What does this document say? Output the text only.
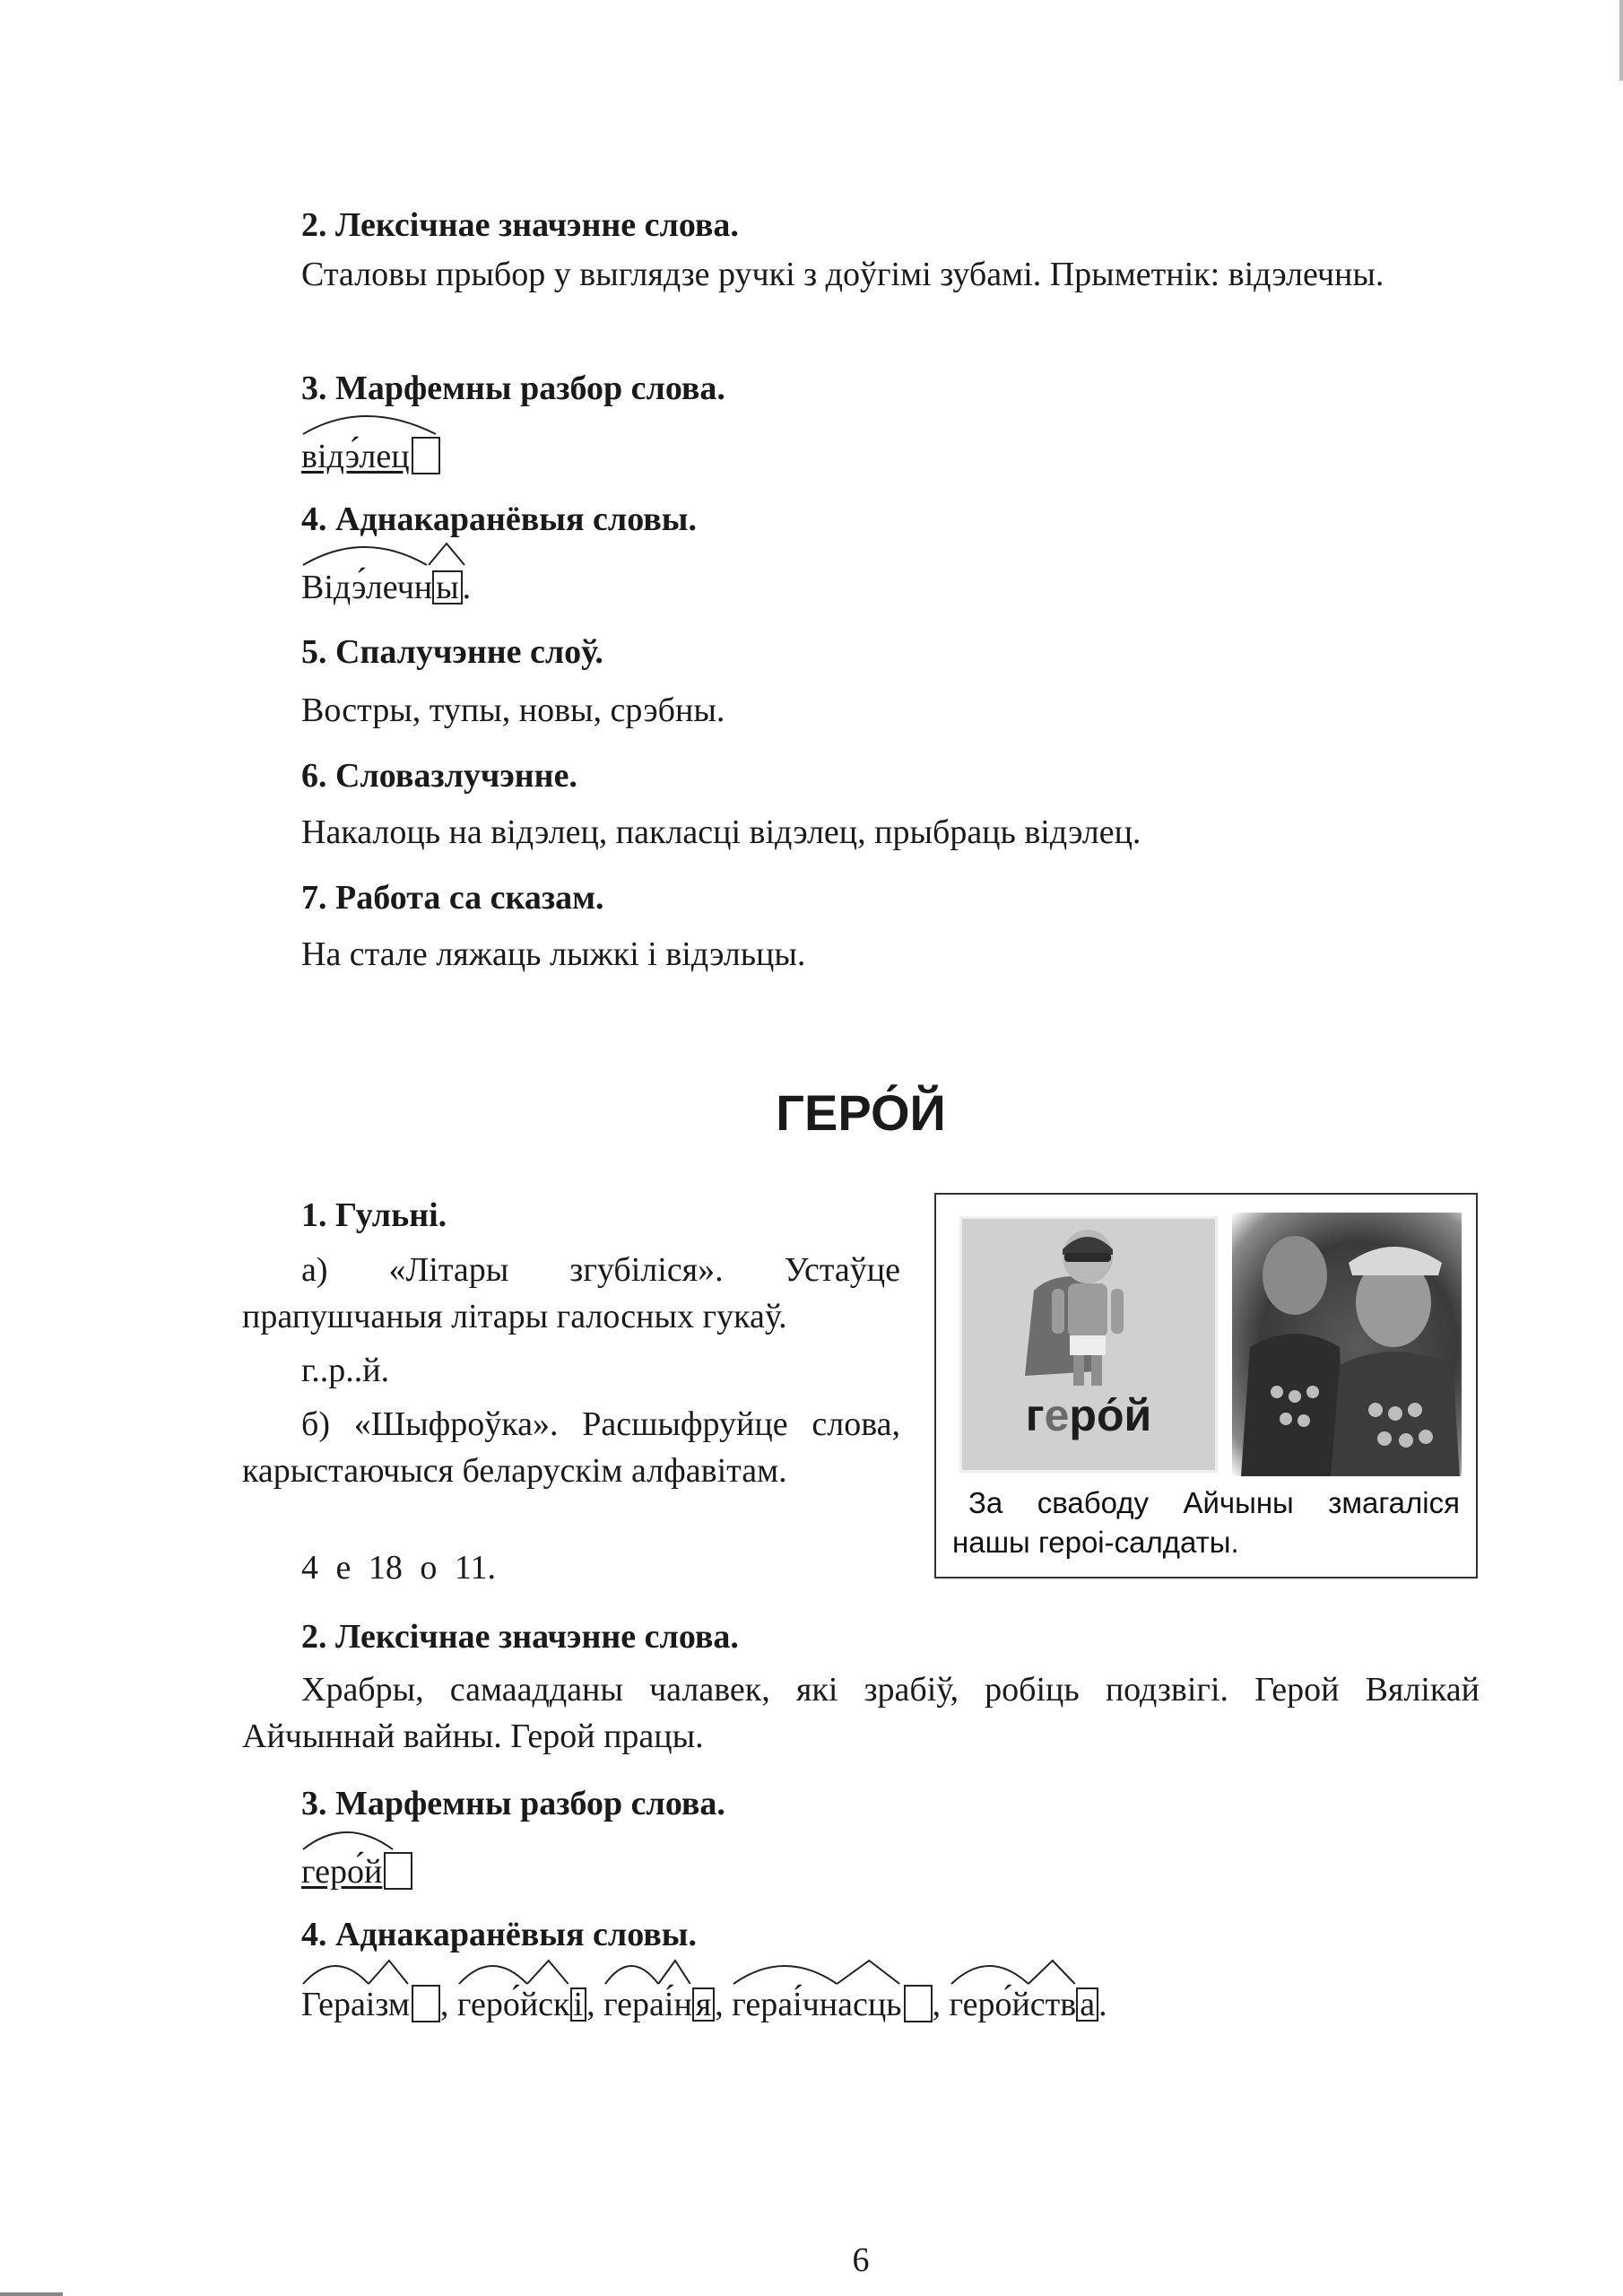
2. Лексічнае значэнне слова.

Сталовы прыбор у выглядзе ручкі з доўгімі зубамі. Прыметнік: відэлечны.

3. Марфемны разбор слова.

відэ́лец

4. Аднакаранёвыя словы.

Відэ́лечн ы .

5. Спалучэнне слоў.

Востры, тупы, новы, срэбны.

6. Словазлучэнне.

Накалоць на відэлец, пакласці відэлец, прыбраць відэлец.

7. Работа са сказам.

На стале ляжаць лыжкі і відэльцы.

ГЕРО́Й

1. Гульні.

а) «Літары згубіліся». Устаўце прапушчаныя літары галосных гукаў.

г..р..й.

б) «Шыфроўка». Расшыфруйце слова, карыстаючыся беларускім алфавітам.

4 е 18 о 11.

геро́й
За свабоду Айчыны змагаліся нашы героі-салдаты.

2. Лексічнае значэнне слова.

Храбры, самаадданы чалавек, які зрабіў, робіць подзвігі. Герой Вялікай Айчыннай вайны. Герой працы.

3. Марфемны разбор слова.

геро́й

4. Аднакаранёвыя словы.

Гераізм ,
геро́йск і ,
гераі́н я ,
гераі́чнасць ,
геро́йств а .
6
